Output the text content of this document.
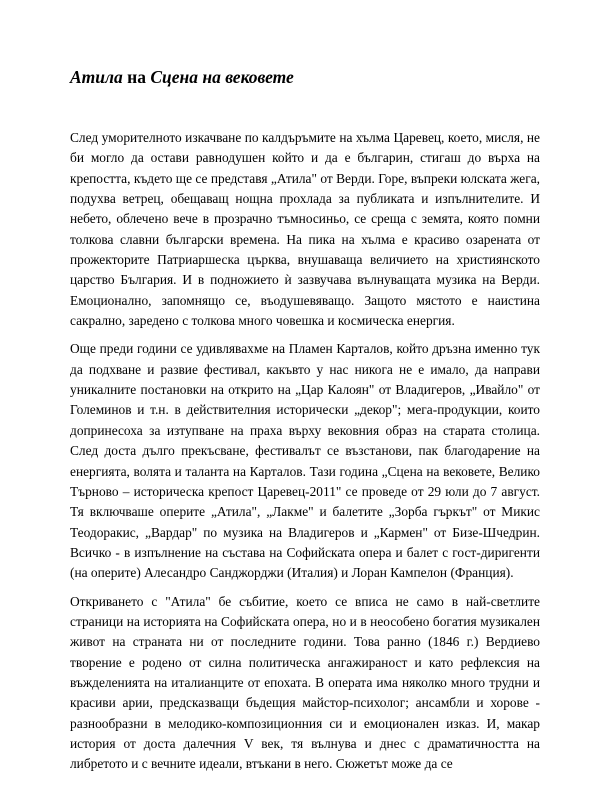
Атила на Сцена на вековете

След уморителното изкачване по калдъръмите на хълма Царевец, което, мисля, не би могло да остави равнодушен който и да е българин, стигаш до върха на крепостта, където ще се представя „Атила" от Верди. Горе, въпреки юлската жега, подухва ветрец, обещаващ нощна прохлада за публиката и изпълнителите. И небето, облечено вече в прозрачно тъмносиньо, се среща с земята, която помни толкова славни български времена. На пика на хълма е красиво озарената от прожекторите Патриаршеска църква, внушаваща величието на християнското царство България. И в подножието ѝ зазвучава вълнуващата музика на Верди. Емоционално, запомнящо се, въодушевяващо. Защото мястото е наистина сакрално, заредено с толкова много човешка и космическа енергия.

Още преди години се удивлявахме на Пламен Карталов, който дръзна именно тук да подхване и развие фестивал, какъвто у нас никога не е имало, да направи уникалните постановки на открито на „Цар Калоян" от Владигеров, „Ивайло" от Големинов и т.н. в действителния исторически „декор"; мега-продукции, които допринесоха за изтупване на праха върху вековния образ на старата столица. След доста дълго прекъсване, фестивалът се възстанови, пак благодарение на енергията, волята и таланта на Карталов. Тази година „Сцена на вековете, Велико Търново – историческа крепост Царевец-2011" се проведе от 29 юли до 7 август. Тя включваше оперите „Атила", „Лакме" и балетите „Зорба гъркът" от Микис Теодоракис, „Вардар" по музика на Владигеров и „Кармен" от Бизе-Шчедрин. Всичко - в изпълнение на състава на Софийската опера и балет с гост-диригенти (на оперите) Алесандро Санджорджи (Италия) и Лоран Кампелон (Франция).

Откриването с "Атила" бе събитие, което се вписа не само в най-светлите страници на историята на Софийската опера, но и в неособено богатия музикален живот на страната ни от последните години. Това ранно (1846 г.) Вердиево творение е родено от силна политическа ангажираност и като рефлексия на въжделенията на италианците от епохата. В операта има няколко много трудни и красиви арии, предсказващи бъдещия майстор-психолог; ансамбли и хорове - разнообразни в мелодико-композиционния си и емоционален изказ. И, макар история от доста далечния V век, тя вълнува и днес с драматичността на либретото и с вечните идеали, втъкани в него. Сюжетът може да се
